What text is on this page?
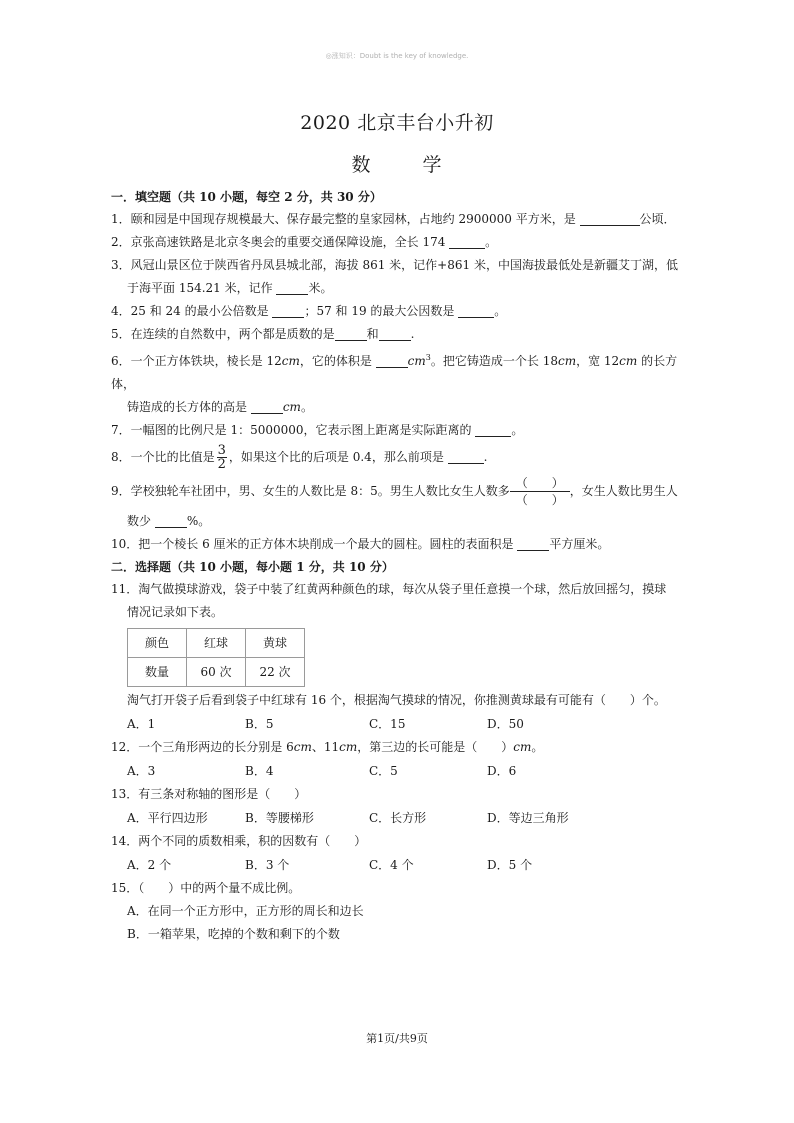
◎涨知识：Doubt is the key of knowledge.
2020 北京丰台小升初
数 学
一．填空题（共 10 小题，每空 2 分，共 30 分）
1．颐和园是中国现存规模最大、保存最完整的皇家园林，占地约 2900000 平方米，是	公顷．
2．京张高速铁路是北京冬奥会的重要交通保障设施，全长 174	。
3．风冠山景区位于陕西省丹凤县城北部，海拔 861 米，记作+861 米，中国海拔最低处是新疆艾丁湖，低
于海平面 154.21 米，记作	米。
4．25 和 24 的最小公倍数是	；57 和 19 的最大公因数是	。
5．在连续的自然数中，两个都是质数的是	和	.
6．一个正方体铁块，棱长是 12cm，它的体积是	$cm^3$。把它铸造成一个长 18cm，宽 12cm 的长方体，
铸造成的长方体的高是	cm。
7．一幅图的比例尺是 1：5000000，它表示图上距离是实际距离的	。
8．一个比的比值是 $\frac{3}{2}$ ，如果这个比的后项是 0.4，那么前项是	.
9．学校独轮车社团中，男、女生的人数比是 8：5。男生人数比女生人数多
（　　）
（　　）
，女生人数比男生人
数少	%。
10．把一个棱长 6 厘米的正方体木块削成一个最大的圆柱。圆柱的表面积是	平方厘米。
二．选择题（共 10 小题，每小题 1 分，共 10 分）
11．淘气做摸球游戏，袋子中装了红黄两种颜色的球，每次从袋子里任意摸一个球，然后放回摇匀，摸球
情况记录如下表。
颜色	红球	黄球
数量	60 次	22 次
淘气打开袋子后看到袋子中红球有 16 个，根据淘气摸球的情况，你推测黄球最有可能有（　　）个。
A．1	B．5	C．15	D．50
12．一个三角形两边的长分别是 6cm、11cm，第三边的长可能是（　　）cm。
A．3	B．4	C．5	D．6
13．有三条对称轴的图形是（　　）
A．平行四边形	B．等腰梯形	C．长方形	D．等边三角形
14．两个不同的质数相乘，积的因数有（　　）
A．2 个	B．3 个	C．4 个	D．5 个
15．（　　）中的两个量不成比例。
A．在同一个正方形中，正方形的周长和边长
B．一箱苹果，吃掉的个数和剩下的个数
第1页/共9页
